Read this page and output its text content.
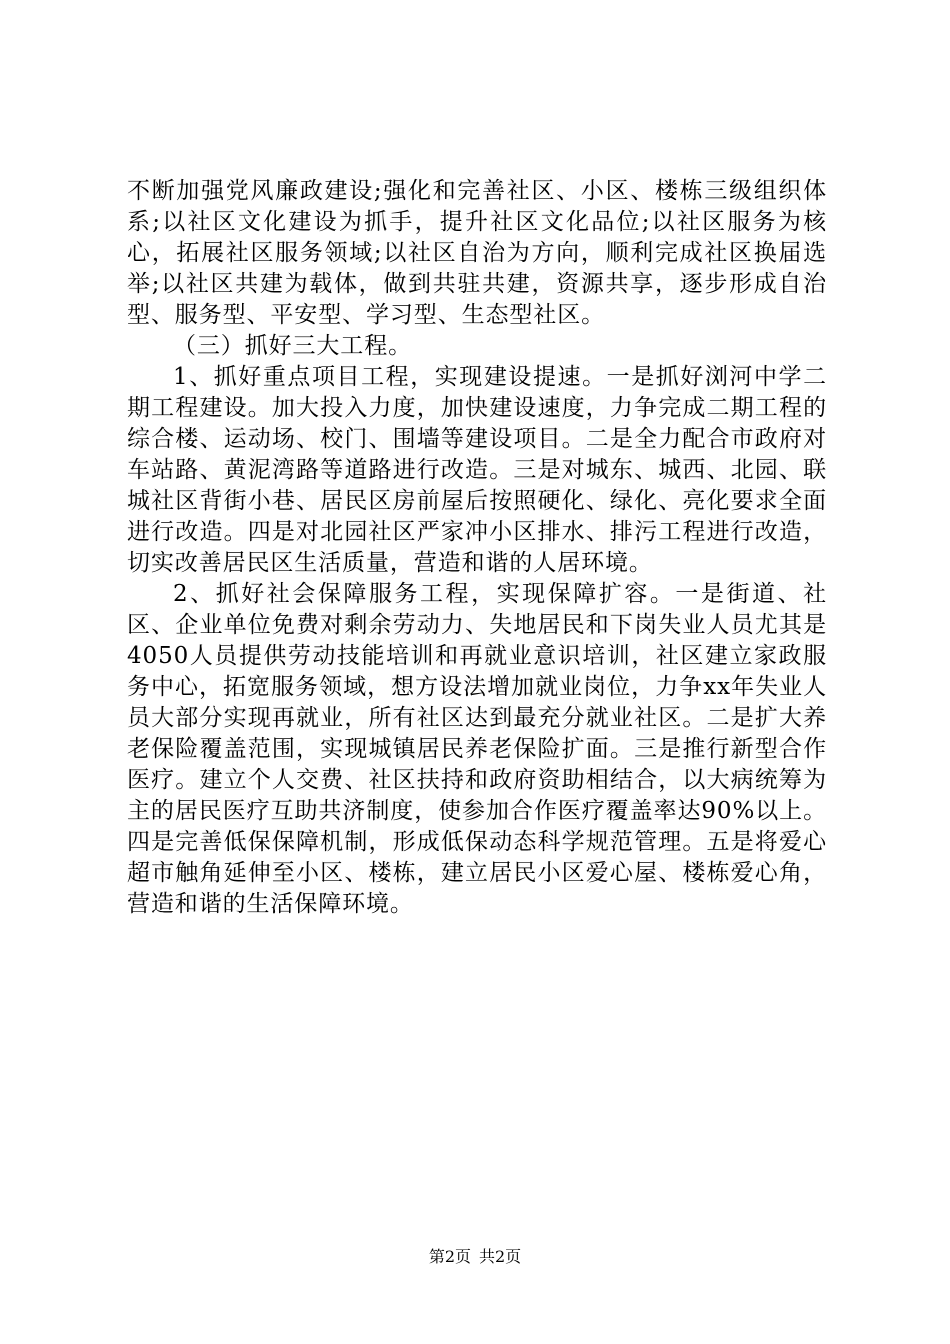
不断加强党风廉政建设;强化和完善社区、小区、楼栋三级组织体系;以社区文化建设为抓手，提升社区文化品位;以社区服务为核心，拓展社区服务领域;以社区自治为方向，顺利完成社区换届选举;以社区共建为载体，做到共驻共建，资源共享，逐步形成自治型、服务型、平安型、学习型、生态型社区。

（三）抓好三大工程。

1、抓好重点项目工程，实现建设提速。一是抓好浏河中学二期工程建设。加大投入力度，加快建设速度，力争完成二期工程的综合楼、运动场、校门、围墙等建设项目。二是全力配合市政府对车站路、黄泥湾路等道路进行改造。三是对城东、城西、北园、联城社区背街小巷、居民区房前屋后按照硬化、绿化、亮化要求全面进行改造。四是对北园社区严家冲小区排水、排污工程进行改造，切实改善居民区生活质量，营造和谐的人居环境。

2、抓好社会保障服务工程，实现保障扩容。一是街道、社区、企业单位免费对剩余劳动力、失地居民和下岗失业人员尤其是4050人员提供劳动技能培训和再就业意识培训，社区建立家政服务中心，拓宽服务领域，想方设法增加就业岗位，力争xx年失业人员大部分实现再就业，所有社区达到最充分就业社区。二是扩大养老保险覆盖范围，实现城镇居民养老保险扩面。三是推行新型合作医疗。建立个人交费、社区扶持和政府资助相结合，以大病统筹为主的居民医疗互助共济制度，使参加合作医疗覆盖率达90%以上。四是完善低保保障机制，形成低保动态科学规范管理。五是将爱心超市触角延伸至小区、楼栋，建立居民小区爱心屋、楼栋爱心角，营造和谐的生活保障环境。

第2页 共2页
